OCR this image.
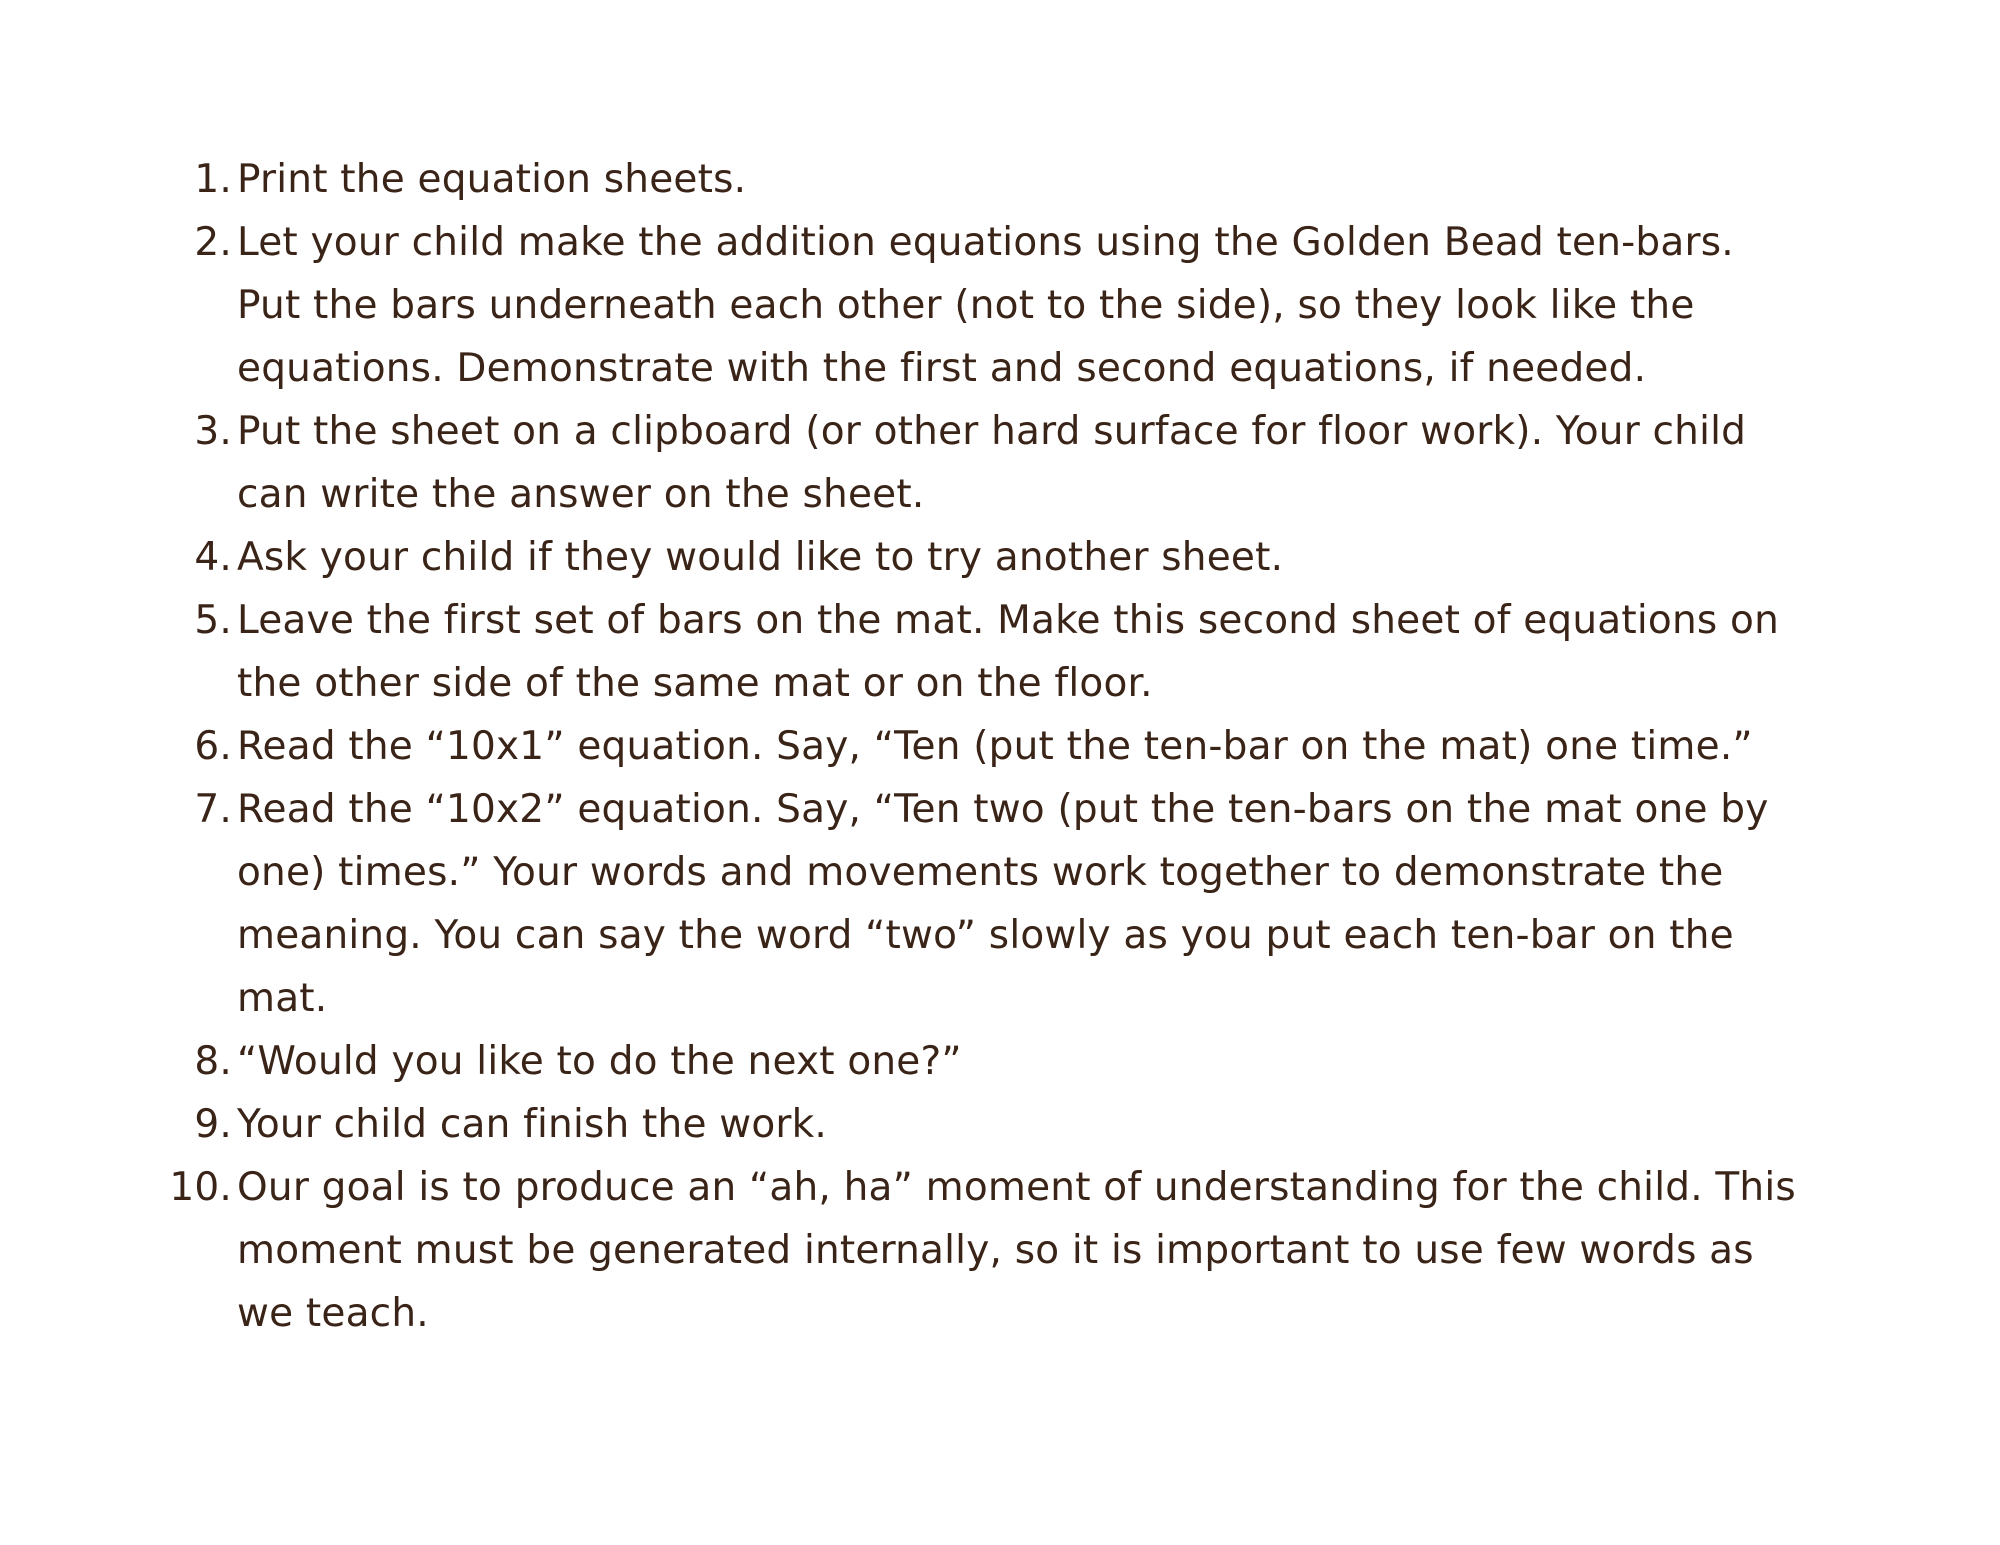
1. Print the equation sheets.
2. Let your child make the addition equations using the Golden Bead ten-bars. Put the bars underneath each other (not to the side), so they look like the equations. Demonstrate with the first and second equations, if needed.
3. Put the sheet on a clipboard (or other hard surface for floor work). Your child can write the answer on the sheet.
4. Ask your child if they would like to try another sheet.
5. Leave the first set of bars on the mat. Make this second sheet of equations on the other side of the same mat or on the floor.
6. Read the “10x1” equation. Say, “Ten (put the ten-bar on the mat) one time.”
7. Read the “10x2” equation. Say, “Ten two (put the ten-bars on the mat one by one) times.” Your words and movements work together to demonstrate the meaning. You can say the word “two” slowly as you put each ten-bar on the mat.
8. “Would you like to do the next one?”
9. Your child can finish the work.
10. Our goal is to produce an “ah, ha” moment of understanding for the child. This moment must be generated internally, so it is important to use few words as we teach.
